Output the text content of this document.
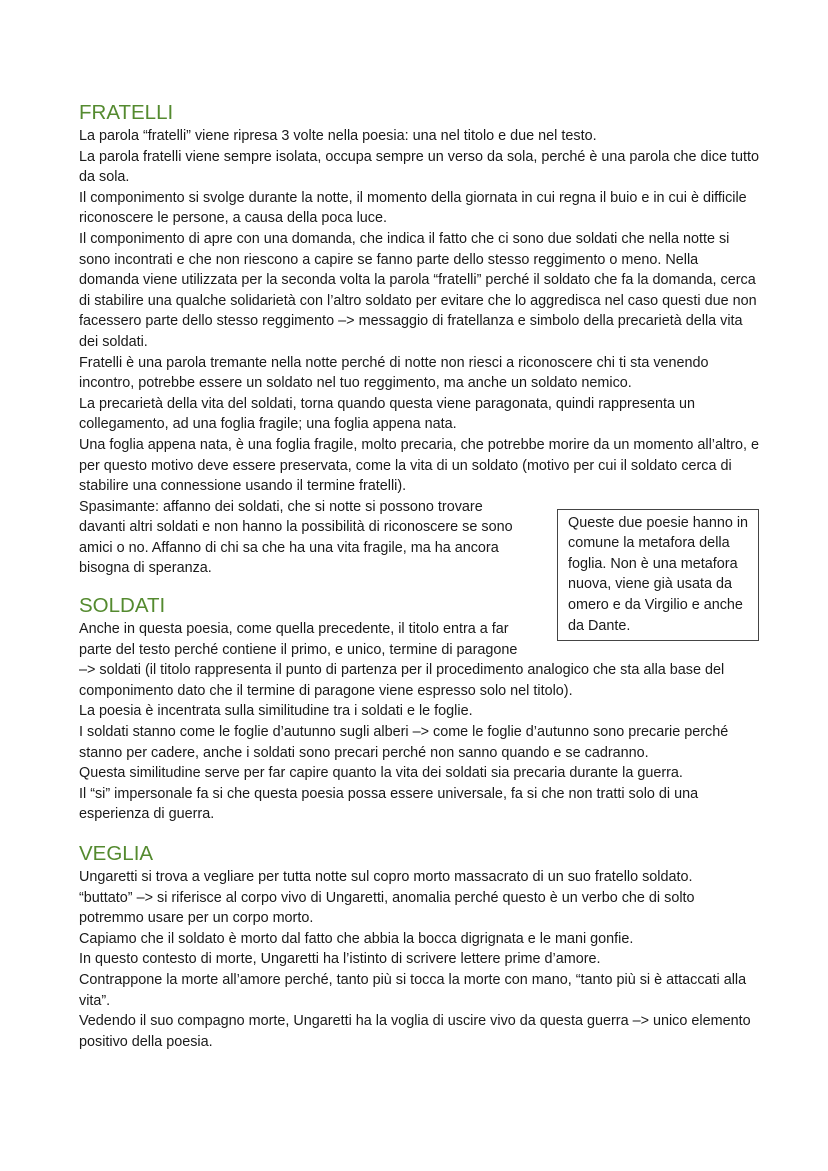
FRATELLI

La parola “fratelli” viene ripresa 3 volte nella poesia: una nel titolo e due nel testo.

La parola fratelli viene sempre isolata, occupa sempre un verso da sola, perché è una parola che dice tutto da sola.

Il componimento si svolge durante la notte, il momento della giornata in cui regna il buio e in cui è difficile riconoscere le persone, a causa della poca luce.

Il componimento di apre con una domanda, che indica il fatto che ci sono due soldati che nella notte si sono incontrati e che non riescono a capire se fanno parte dello stesso reggimento o meno. Nella domanda viene utilizzata per la seconda volta la parola “fratelli” perché il soldato che fa la domanda, cerca di stabilire una qualche solidarietà con l’altro soldato per evitare che lo aggredisca nel caso questi due non facessero parte dello stesso reggimento –> messaggio di fratellanza e simbolo della precarietà della vita dei soldati.

Fratelli è una parola tremante nella notte perché di notte non riesci a riconoscere chi ti sta venendo incontro, potrebbe essere un soldato nel tuo reggimento, ma anche un soldato nemico.

La precarietà della vita del soldati, torna quando questa viene paragonata, quindi rappresenta un collegamento, ad una foglia fragile; una foglia appena nata.

Una foglia appena nata, è una foglia fragile, molto precaria, che potrebbe morire da un momento all’altro, e per questo motivo deve essere preservata, come la vita di un soldato (motivo per cui il soldato cerca di stabilire una connessione usando il termine fratelli).

Queste due poesie hanno in comune la metafora della foglia. Non è una metafora nuova, viene già usata da omero e da Virgilio e anche da Dante.

Spasimante: affanno dei soldati, che si notte si possono trovare davanti altri soldati e non hanno la possibilità di riconoscere se sono amici o no. Affanno di chi sa che ha una vita fragile, ma ha ancora bisogna di speranza.

SOLDATI

Anche in questa poesia, come quella precedente, il titolo entra a far parte del testo perché contiene il primo, e unico, termine di paragone –> soldati (il titolo rappresenta il punto di partenza per il procedimento analogico che sta alla base del componimento dato che il termine di paragone viene espresso solo nel titolo).

La poesia è incentrata sulla similitudine tra i soldati e le foglie.

I soldati stanno come le foglie d’autunno sugli alberi –> come le foglie d’autunno sono precarie perché stanno per cadere, anche i soldati sono precari perché non sanno quando e se cadranno.

Questa similitudine serve per far capire quanto la vita dei soldati sia precaria durante la guerra.

Il “si” impersonale fa si che questa poesia possa essere universale, fa si che non tratti solo di una esperienza di guerra.

VEGLIA

Ungaretti si trova a vegliare per tutta notte sul copro morto massacrato di un suo fratello soldato.

“buttato” –> si riferisce al corpo vivo di Ungaretti, anomalia perché questo è un verbo che di solto potremmo usare per un corpo morto.

Capiamo che il soldato è morto dal fatto che abbia la bocca digrignata e le mani gonfie.

In questo contesto di morte, Ungaretti ha l’istinto di scrivere lettere prime d’amore.

Contrappone la morte all’amore perché, tanto più si tocca la morte con mano, “tanto più si è attaccati alla vita”.

Vedendo il suo compagno morte, Ungaretti ha la voglia di uscire vivo da questa guerra –> unico elemento positivo della poesia.
